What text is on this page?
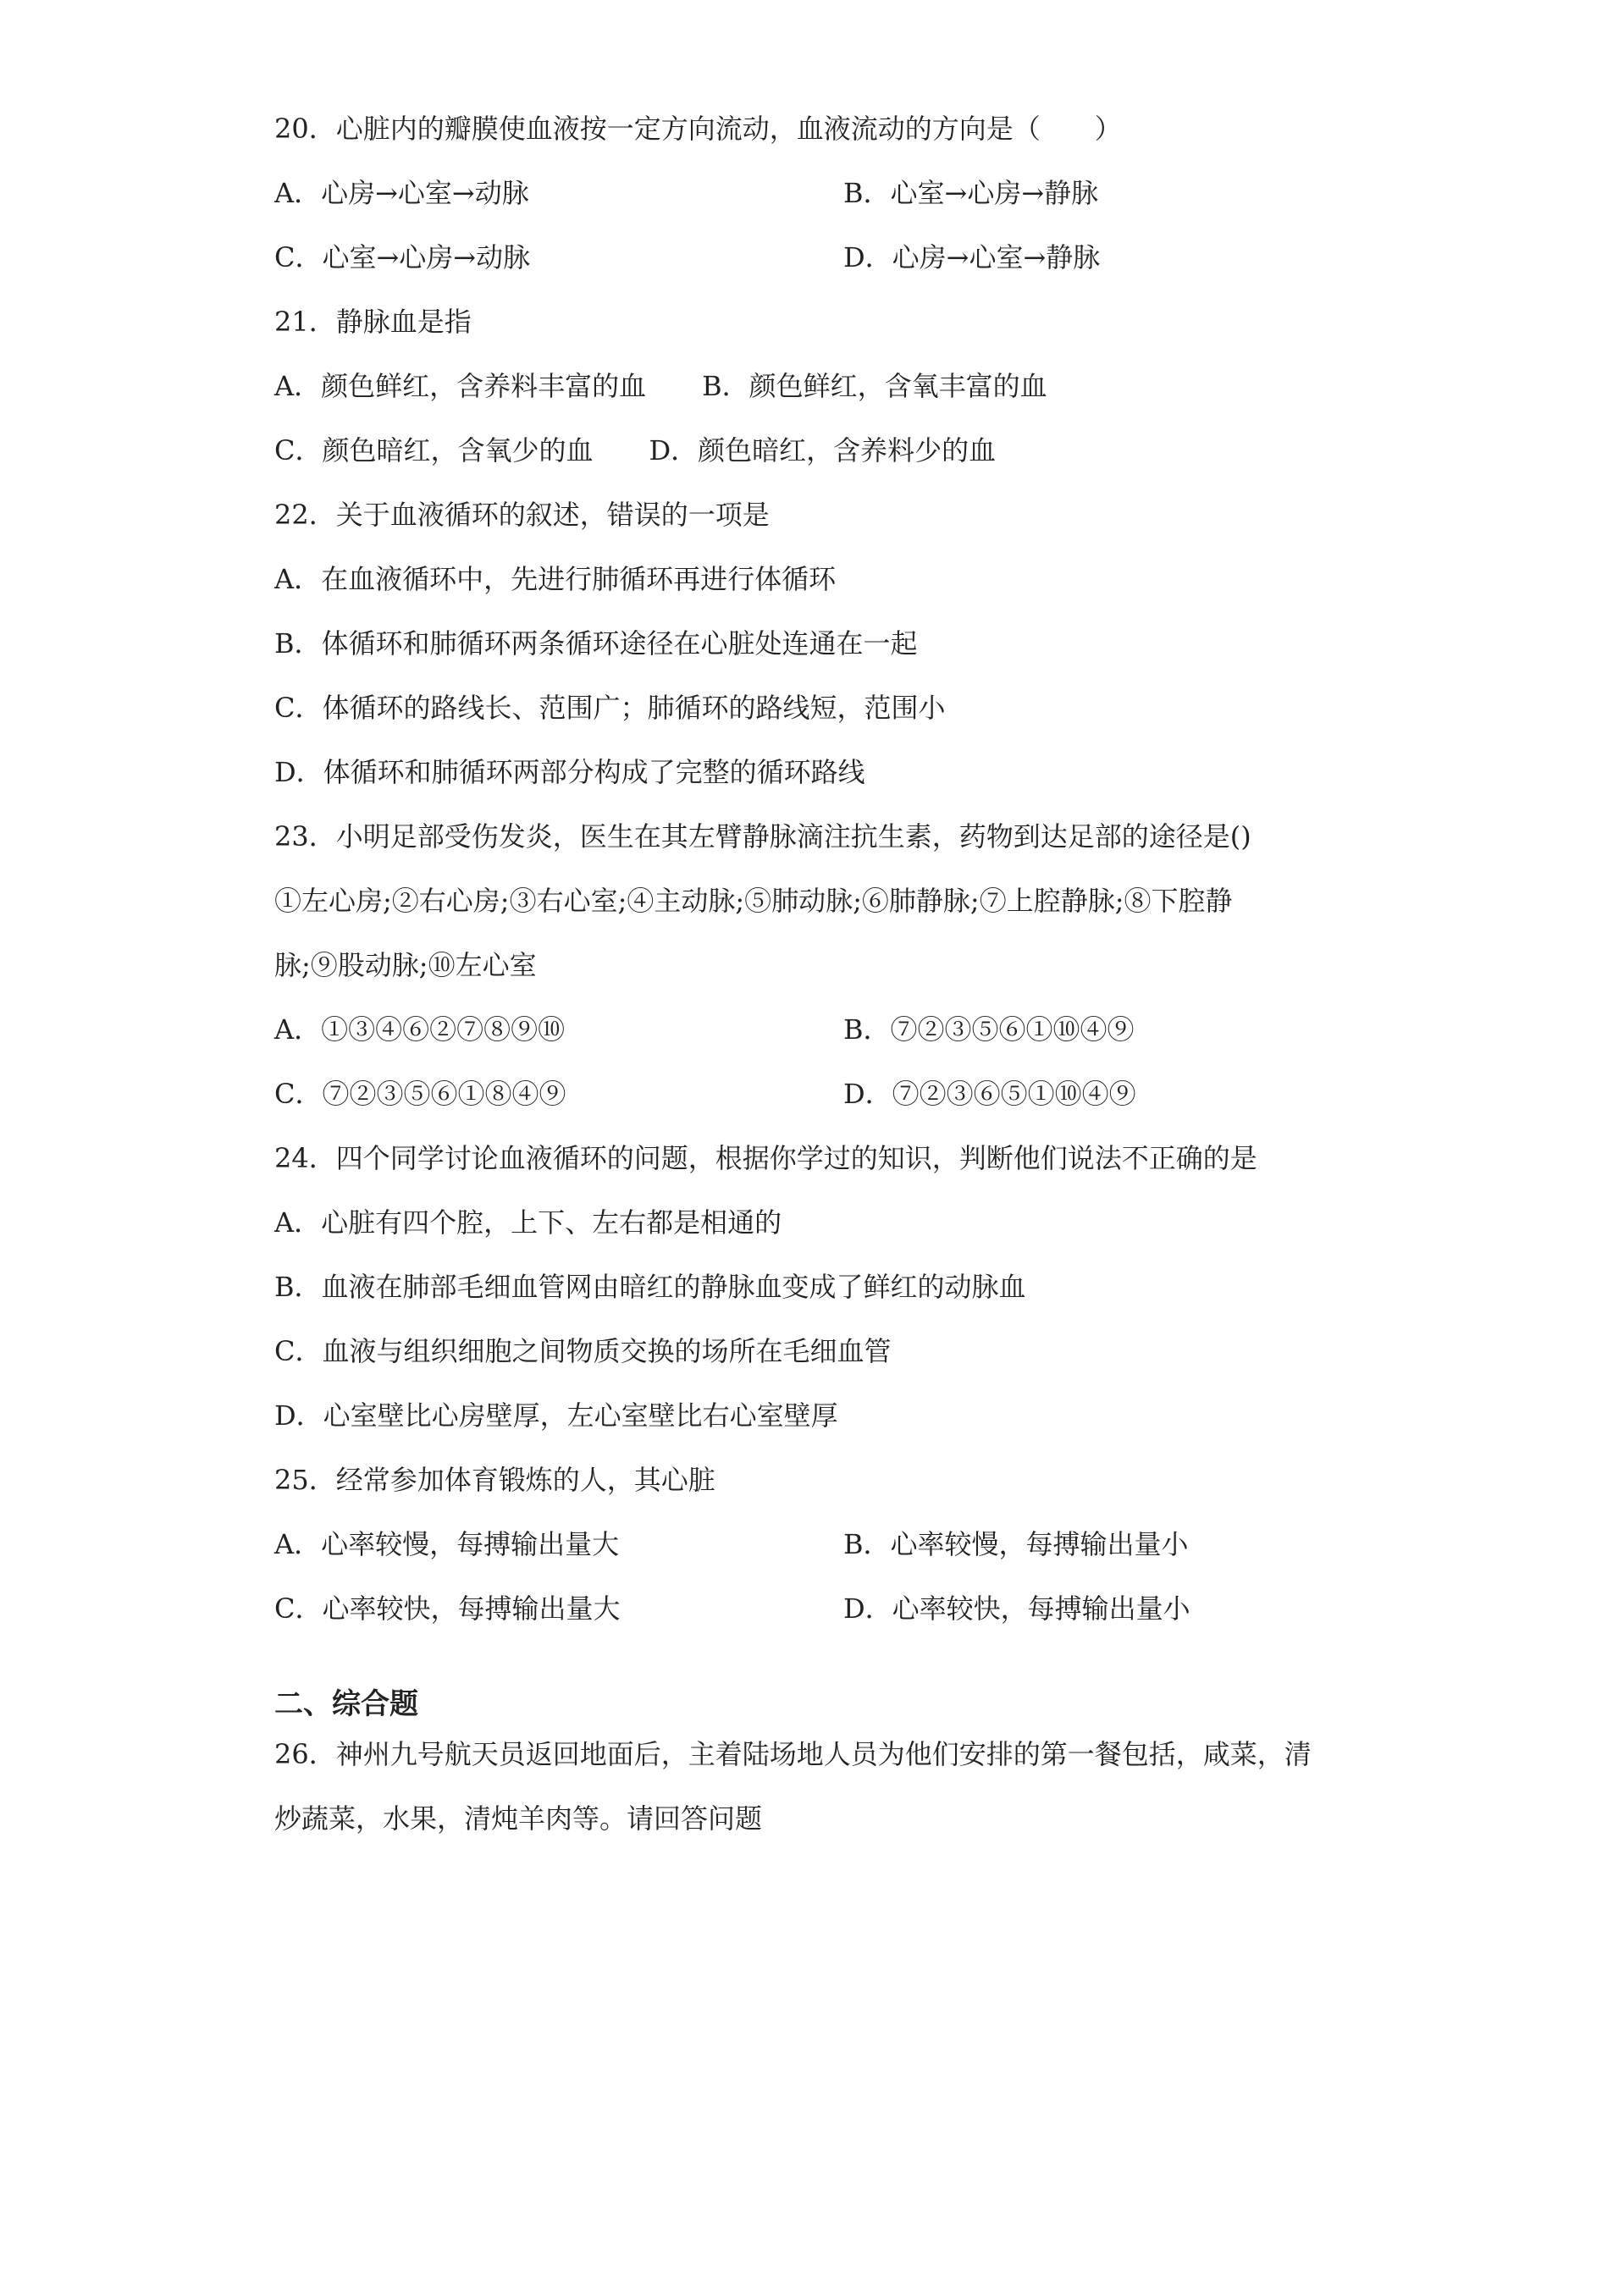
20．心脏内的瓣膜使血液按一定方向流动，血液流动的方向是（　　）
A．心房→心室→动脉	B．心室→心房→静脉
C．心室→心房→动脉	D．心房→心室→静脉
21．静脉血是指
A．颜色鲜红，含养料丰富的血 B．颜色鲜红，含氧丰富的血
C．颜色暗红，含氧少的血 D．颜色暗红，含养料少的血
22．关于血液循环的叙述，错误的一项是
A．在血液循环中，先进行肺循环再进行体循环
B．体循环和肺循环两条循环途径在心脏处连通在一起
C．体循环的路线长、范围广；肺循环的路线短，范围小
D．体循环和肺循环两部分构成了完整的循环路线
23．小明足部受伤发炎，医生在其左臂静脉滴注抗生素，药物到达足部的途径是()
①左心房;②右心房;③右心室;④主动脉;⑤肺动脉;⑥肺静脉;⑦上腔静脉;⑧下腔静
脉;⑨股动脉;⑩左心室
A．①③④⑥②⑦⑧⑨⑩	B．⑦②③⑤⑥①⑩④⑨
C．⑦②③⑤⑥①⑧④⑨	D．⑦②③⑥⑤①⑩④⑨
24．四个同学讨论血液循环的问题，根据你学过的知识，判断他们说法不正确的是
A．心脏有四个腔，上下、左右都是相通的
B．血液在肺部毛细血管网由暗红的静脉血变成了鲜红的动脉血
C．血液与组织细胞之间物质交换的场所在毛细血管
D．心室壁比心房壁厚，左心室壁比右心室壁厚
25．经常参加体育锻炼的人，其心脏
A．心率较慢，每搏输出量大	B．心率较慢，每搏输出量小
C．心率较快，每搏输出量大	D．心率较快，每搏输出量小
二、综合题
26．神州九号航天员返回地面后，主着陆场地人员为他们安排的第一餐包括，咸菜，清
炒蔬菜，水果，清炖羊肉等。请回答问题
